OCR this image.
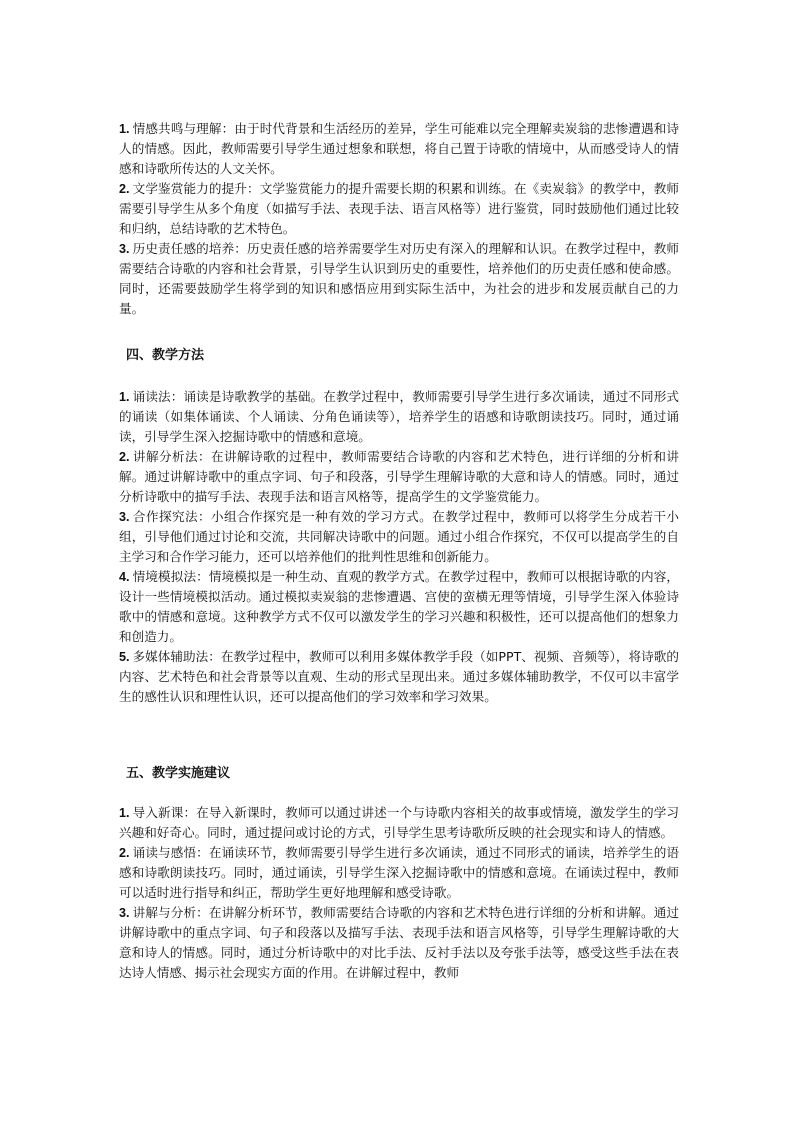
1. 情感共鸣与理解：由于时代背景和生活经历的差异，学生可能难以完全理解卖炭翁的悲惨遭遇和诗人的情感。因此，教师需要引导学生通过想象和联想，将自己置于诗歌的情境中，从而感受诗人的情感和诗歌所传达的人文关怀。

2. 文学鉴赏能力的提升：文学鉴赏能力的提升需要长期的积累和训练。在《卖炭翁》的教学中，教师需要引导学生从多个角度（如描写手法、表现手法、语言风格等）进行鉴赏，同时鼓励他们通过比较和归纳，总结诗歌的艺术特色。

3. 历史责任感的培养：历史责任感的培养需要学生对历史有深入的理解和认识。在教学过程中，教师需要结合诗歌的内容和社会背景，引导学生认识到历史的重要性，培养他们的历史责任感和使命感。同时，还需要鼓励学生将学到的知识和感悟应用到实际生活中，为社会的进步和发展贡献自己的力量。

四、教学方法

1. 诵读法：诵读是诗歌教学的基础。在教学过程中，教师需要引导学生进行多次诵读，通过不同形式的诵读（如集体诵读、个人诵读、分角色诵读等），培养学生的语感和诗歌朗读技巧。同时，通过诵读，引导学生深入挖掘诗歌中的情感和意境。

2. 讲解分析法：在讲解诗歌的过程中，教师需要结合诗歌的内容和艺术特色，进行详细的分析和讲解。通过讲解诗歌中的重点字词、句子和段落，引导学生理解诗歌的大意和诗人的情感。同时，通过分析诗歌中的描写手法、表现手法和语言风格等，提高学生的文学鉴赏能力。

3. 合作探究法：小组合作探究是一种有效的学习方式。在教学过程中，教师可以将学生分成若干小组，引导他们通过讨论和交流，共同解决诗歌中的问题。通过小组合作探究，不仅可以提高学生的自主学习和合作学习能力，还可以培养他们的批判性思维和创新能力。

4. 情境模拟法：情境模拟是一种生动、直观的教学方式。在教学过程中，教师可以根据诗歌的内容，设计一些情境模拟活动。通过模拟卖炭翁的悲惨遭遇、宫使的蛮横无理等情境，引导学生深入体验诗歌中的情感和意境。这种教学方式不仅可以激发学生的学习兴趣和积极性，还可以提高他们的想象力和创造力。

5. 多媒体辅助法：在教学过程中，教师可以利用多媒体教学手段（如PPT、视频、音频等），将诗歌的内容、艺术特色和社会背景等以直观、生动的形式呈现出来。通过多媒体辅助教学，不仅可以丰富学生的感性认识和理性认识，还可以提高他们的学习效率和学习效果。

五、教学实施建议

1. 导入新课：在导入新课时，教师可以通过讲述一个与诗歌内容相关的故事或情境，激发学生的学习兴趣和好奇心。同时，通过提问或讨论的方式，引导学生思考诗歌所反映的社会现实和诗人的情感。

2. 诵读与感悟：在诵读环节，教师需要引导学生进行多次诵读，通过不同形式的诵读，培养学生的语感和诗歌朗读技巧。同时，通过诵读，引导学生深入挖掘诗歌中的情感和意境。在诵读过程中，教师可以适时进行指导和纠正，帮助学生更好地理解和感受诗歌。

3. 讲解与分析：在讲解分析环节，教师需要结合诗歌的内容和艺术特色进行详细的分析和讲解。通过讲解诗歌中的重点字词、句子和段落以及描写手法、表现手法和语言风格等，引导学生理解诗歌的大意和诗人的情感。同时，通过分析诗歌中的对比手法、反衬手法以及夸张手法等，感受这些手法在表达诗人情感、揭示社会现实方面的作用。在讲解过程中，教师
